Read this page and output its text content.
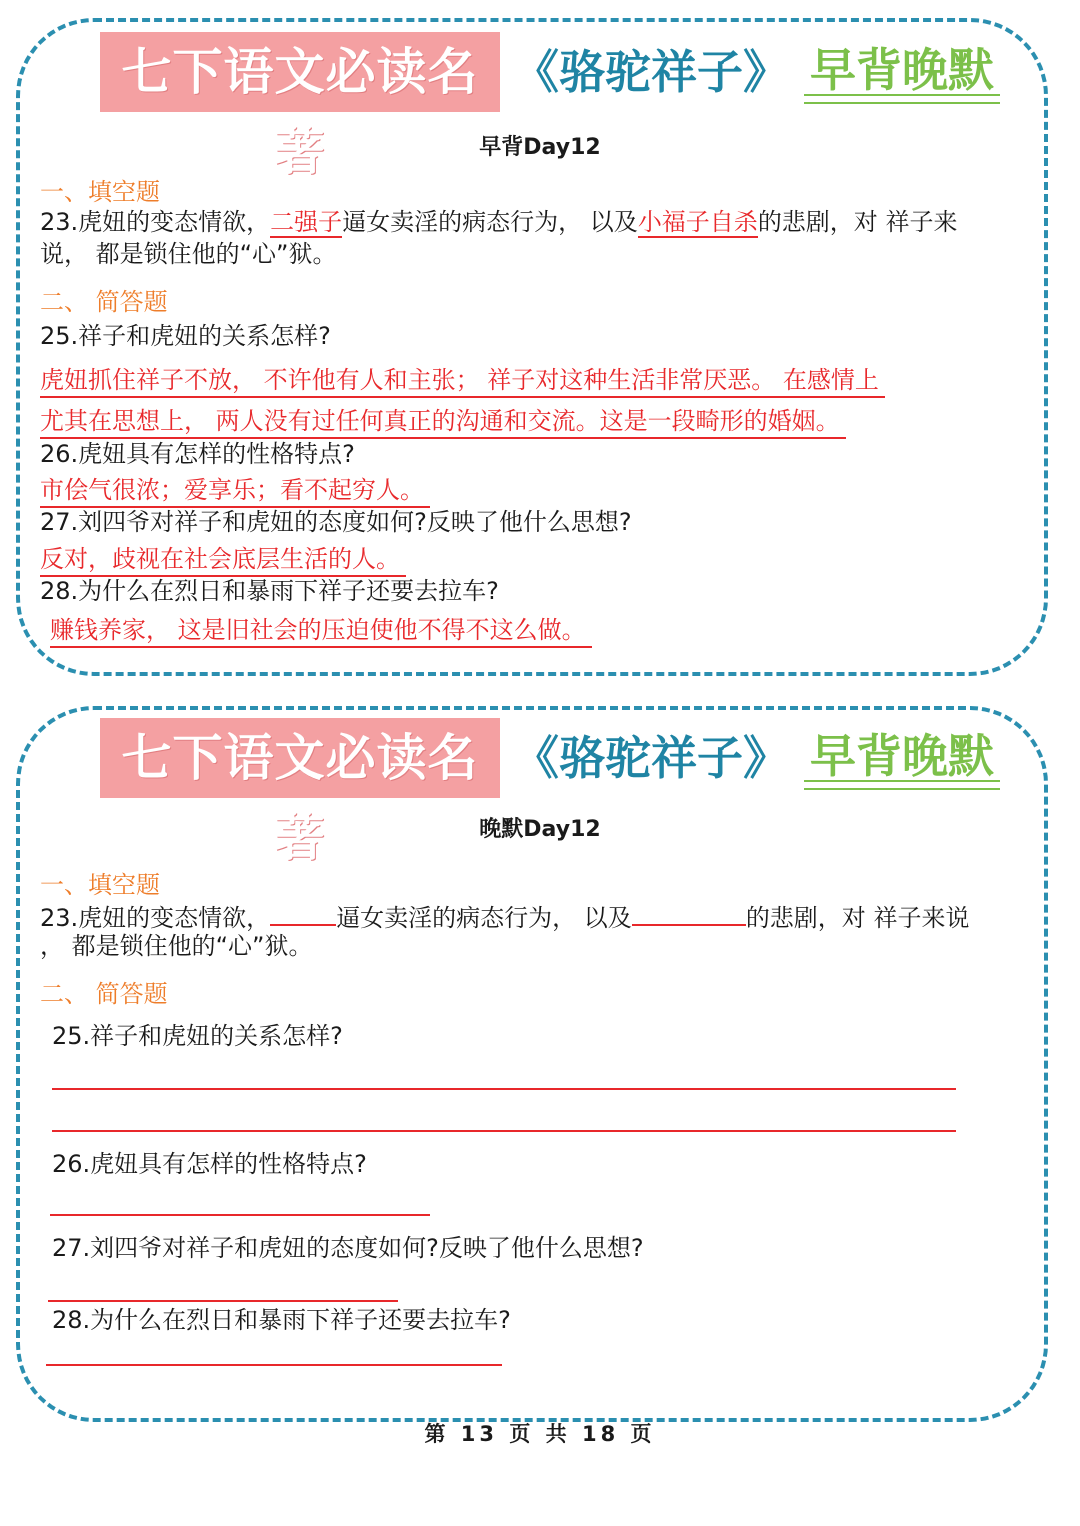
七下语文必读名著
《骆驼祥子》 早背晚默
早背Day12
一、填空题
23.虎妞的变态情欲，二强子逼女卖淫的病态行为， 以及小福子自杀的悲剧，对 祥子来
说， 都是锁住他的“心”狱。
二、 简答题
25.祥子和虎妞的关系怎样?
虎妞抓住祥子不放， 不许他有人和主张； 祥子对这种生活非常厌恶。 在感情上
尤其在思想上， 两人没有过任何真正的沟通和交流。这是一段畸形的婚姻。
26.虎妞具有怎样的性格特点?
市侩气很浓；爱享乐；看不起穷人。
27.刘四爷对祥子和虎妞的态度如何?反映了他什么思想?
反对，歧视在社会底层生活的人。
28.为什么在烈日和暴雨下祥子还要去拉车?
赚钱养家， 这是旧社会的压迫使他不得不这么做。
七下语文必读名著
《骆驼祥子》 早背晚默
晚默Day12
一、填空题
23.虎妞的变态情欲，	逼女卖淫的病态行为， 以及	的悲剧，对 祥子来说
， 都是锁住他的“心”狱。
二、 简答题
25.祥子和虎妞的关系怎样?
26.虎妞具有怎样的性格特点?
27.刘四爷对祥子和虎妞的态度如何?反映了他什么思想?
28.为什么在烈日和暴雨下祥子还要去拉车?
第 13 页 共 18 页
